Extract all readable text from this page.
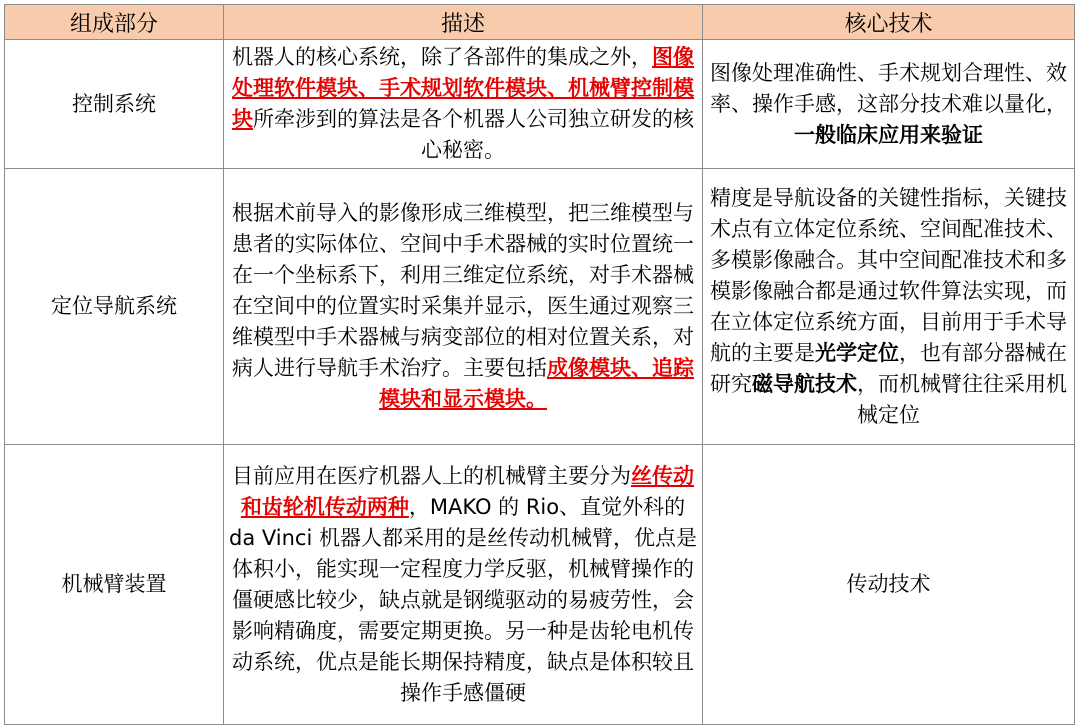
组成部分	描述	核心技术
控制系统	机器人的核心系统，除了各部件的集成之外，图像处理软件模块、手术规划软件模块、机械臂控制模块所牵涉到的算法是各个机器人公司独立研发的核心秘密。	图像处理准确性、手术规划合理性、效率、操作手感，这部分技术难以量化，一般临床应用来验证
定位导航系统	根据术前导入的影像形成三维模型，把三维模型与患者的实际体位、空间中手术器械的实时位置统一在一个坐标系下，利用三维定位系统，对手术器械在空间中的位置实时采集并显示，医生通过观察三维模型中手术器械与病变部位的相对位置关系，对病人进行导航手术治疗。主要包括成像模块、追踪模块和显示模块。	精度是导航设备的关键性指标，关键技术点有立体定位系统、空间配准技术、多模影像融合。其中空间配准技术和多模影像融合都是通过软件算法实现，而在立体定位系统方面，目前用于手术导航的主要是光学定位，也有部分器械在研究磁导航技术，而机械臂往往采用机械定位
机械臂装置	目前应用在医疗机器人上的机械臂主要分为丝传动和齿轮机传动两种，MAKO 的 Rio、直觉外科的 da Vinci 机器人都采用的是丝传动机械臂，优点是体积小，能实现一定程度力学反驱，机械臂操作的僵硬感比较少，缺点就是钢缆驱动的易疲劳性，会影响精确度，需要定期更换。另一种是齿轮电机传动系统，优点是能长期保持精度，缺点是体积较且操作手感僵硬	传动技术
